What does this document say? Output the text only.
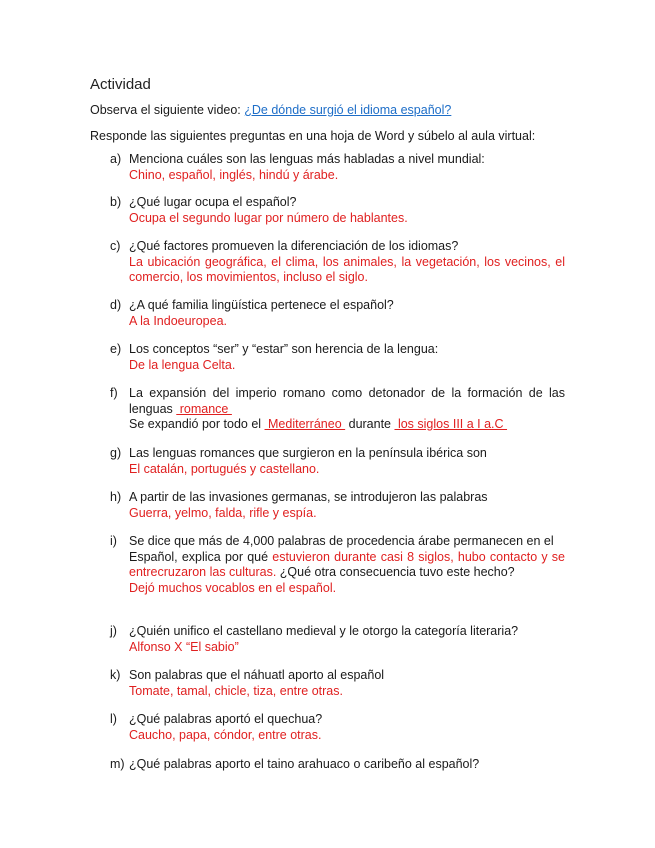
Actividad
Observa el siguiente video: ¿De dónde surgió el idioma español?
Responde las siguientes preguntas en una hoja de Word y súbelo al aula virtual:
a) Menciona cuáles son las lenguas más habladas a nivel mundial:
Chino, español, inglés, hindú y árabe.
b) ¿Qué lugar ocupa el español?
Ocupa el segundo lugar por número de hablantes.
c) ¿Qué factores promueven la diferenciación de los idiomas?
La ubicación geográfica, el clima, los animales, la vegetación, los vecinos, el comercio, los movimientos, incluso el siglo.
d) ¿A qué familia lingüística pertenece el español?
A la Indoeuropea.
e) Los conceptos “ser” y “estar” son herencia de la lengua:
De la lengua Celta.
f) La expansión del imperio romano como detonador de la formación de las lenguas  romance
Se expandió por todo el  Mediterráneo  durante  los siglos III a I a.C
g) Las lenguas romances que surgieron en la península ibérica son
El catalán, portugués y castellano.
h) A partir de las invasiones germanas, se introdujeron las palabras
Guerra, yelmo, falda, rifle y espía.
i) Se dice que más de 4,000 palabras de procedencia árabe permanecen en el
Español, explica por qué estuvieron durante casi 8 siglos, hubo contacto y se entrecruzaron las culturas. ¿Qué otra consecuencia tuvo este hecho?
Dejó muchos vocablos en el español.
j) ¿Quién unifico el castellano medieval y le otorgo la categoría literaria?
Alfonso X “El sabio”
k) Son palabras que el náhuatl aporto al español
Tomate, tamal, chicle, tiza, entre otras.
l) ¿Qué palabras aportó el quechua?
Caucho, papa, cóndor, entre otras.
m) ¿Qué palabras aporto el taino arahuaco o caribeño al español?
